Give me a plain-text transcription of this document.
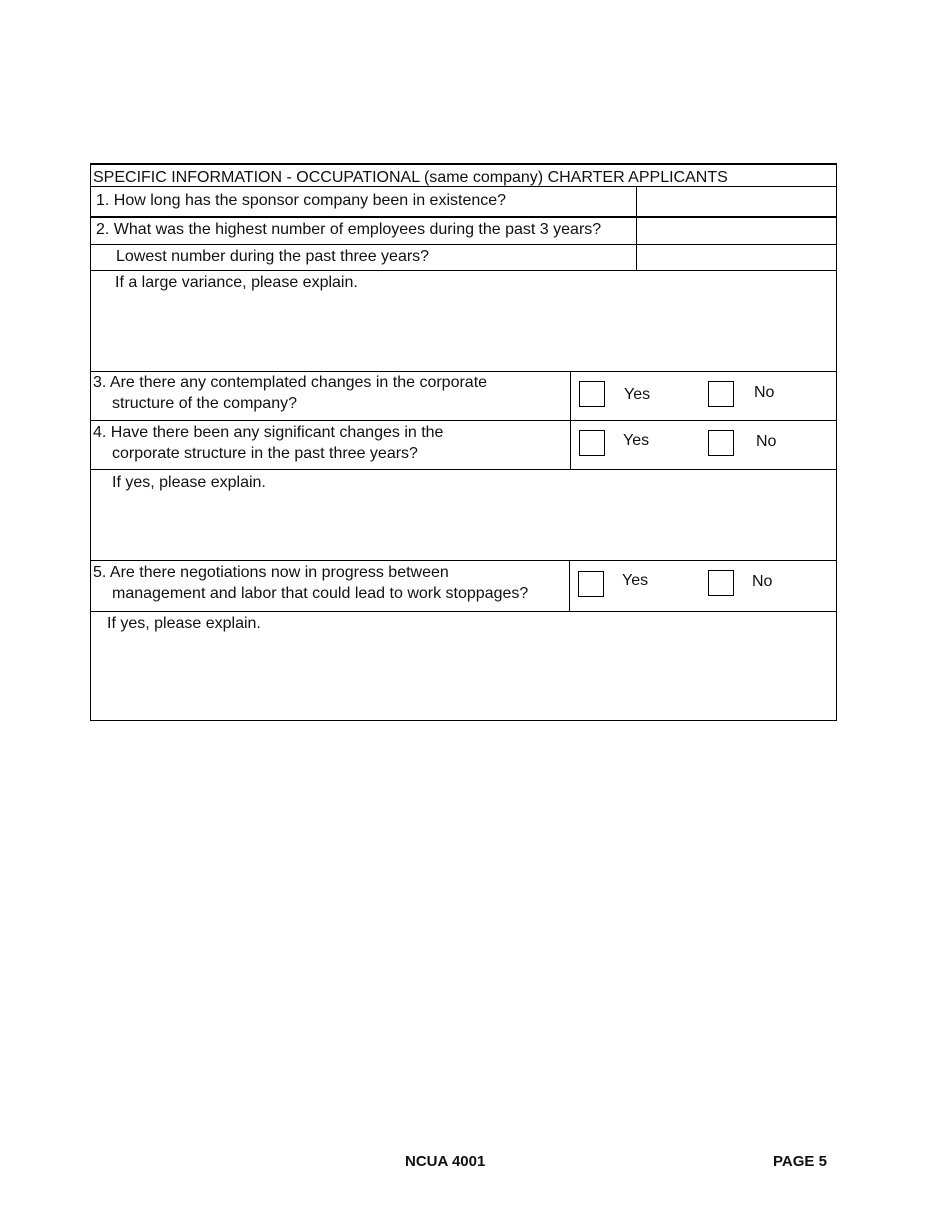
SPECIFIC INFORMATION - OCCUPATIONAL (same company) CHARTER APPLICANTS
1. How long has the sponsor company been in existence?
2. What was the highest number of employees during the past 3 years?
Lowest number during the past three years?
If a large variance, please explain.
3. Are there any contemplated changes in the corporate
structure of the company?
Yes	No
4. Have there been any significant changes in the
corporate structure in the past three years?
Yes	No
If yes, please explain.
5. Are there negotiations now in progress between
management and labor that could lead to work stoppages?
Yes	No
If yes, please explain.
NCUA 4001	PAGE 5
